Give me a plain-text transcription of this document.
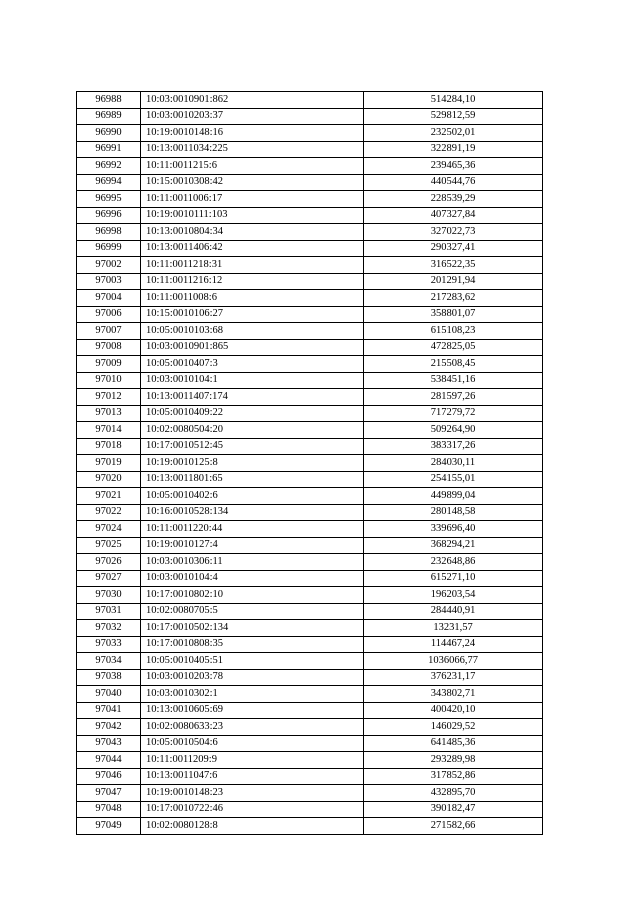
96988	10:03:0010901:862	514284,10
96989	10:03:0010203:37	529812,59
96990	10:19:0010148:16	232502,01
96991	10:13:0011034:225	322891,19
96992	10:11:0011215:6	239465,36
96994	10:15:0010308:42	440544,76
96995	10:11:0011006:17	228539,29
96996	10:19:0010111:103	407327,84
96998	10:13:0010804:34	327022,73
96999	10:13:0011406:42	290327,41
97002	10:11:0011218:31	316522,35
97003	10:11:0011216:12	201291,94
97004	10:11:0011008:6	217283,62
97006	10:15:0010106:27	358801,07
97007	10:05:0010103:68	615108,23
97008	10:03:0010901:865	472825,05
97009	10:05:0010407:3	215508,45
97010	10:03:0010104:1	538451,16
97012	10:13:0011407:174	281597,26
97013	10:05:0010409:22	717279,72
97014	10:02:0080504:20	509264,90
97018	10:17:0010512:45	383317,26
97019	10:19:0010125:8	284030,11
97020	10:13:0011801:65	254155,01
97021	10:05:0010402:6	449899,04
97022	10:16:0010528:134	280148,58
97024	10:11:0011220:44	339696,40
97025	10:19:0010127:4	368294,21
97026	10:03:0010306:11	232648,86
97027	10:03:0010104:4	615271,10
97030	10:17:0010802:10	196203,54
97031	10:02:0080705:5	284440,91
97032	10:17:0010502:134	13231,57
97033	10:17:0010808:35	114467,24
97034	10:05:0010405:51	1036066,77
97038	10:03:0010203:78	376231,17
97040	10:03:0010302:1	343802,71
97041	10:13:0010605:69	400420,10
97042	10:02:0080633:23	146029,52
97043	10:05:0010504:6	641485,36
97044	10:11:0011209:9	293289,98
97046	10:13:0011047:6	317852,86
97047	10:19:0010148:23	432895,70
97048	10:17:0010722:46	390182,47
97049	10:02:0080128:8	271582,66
